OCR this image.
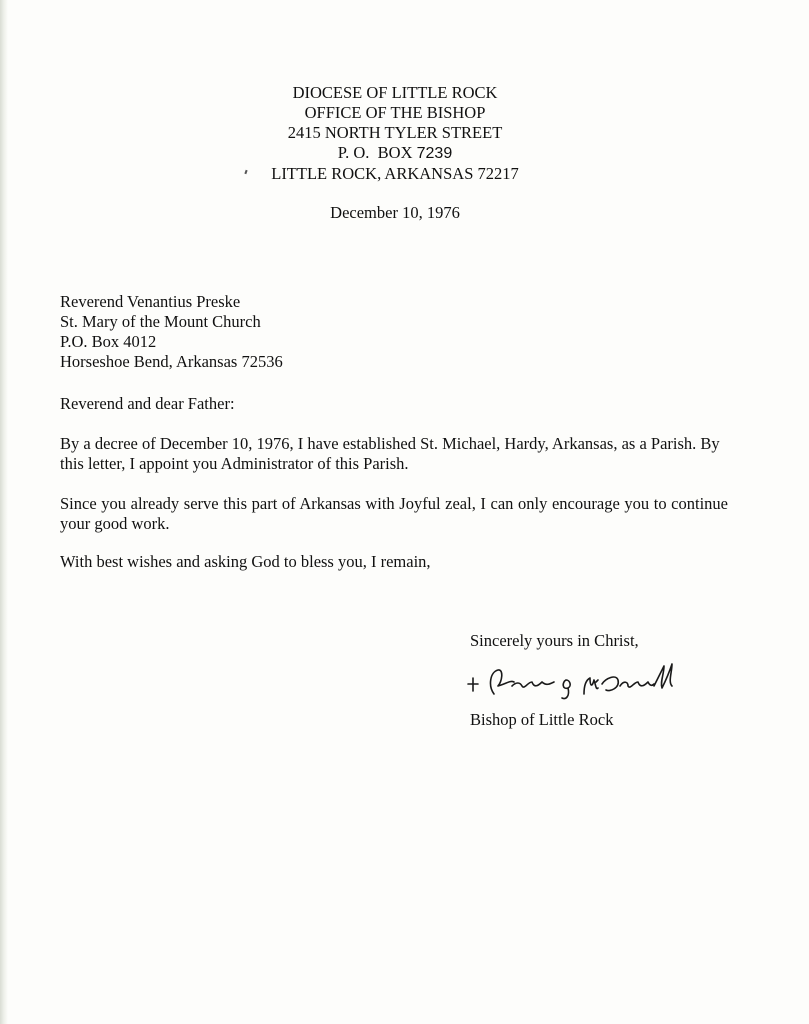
DIOCESE OF LITTLE ROCK
OFFICE OF THE BISHOP
2415 NORTH TYLER STREET
P. O.  BOX 7239
LITTLE ROCK, ARKANSAS 72217
December 10, 1976
Reverend Venantius Preske
St. Mary of the Mount Church
P.O. Box 4012
Horseshoe Bend, Arkansas 72536
Reverend and dear Father:
By a decree of December 10, 1976, I have established St. Michael, Hardy, Arkansas, as a Parish. By this letter, I appoint you Administrator of this Parish.
Since you already serve this part of Arkansas with Joyful zeal, I can only encourage you to continue your good work.
With best wishes and asking God to bless you, I remain,
Sincerely yours in Christ,
Bishop of Little Rock
